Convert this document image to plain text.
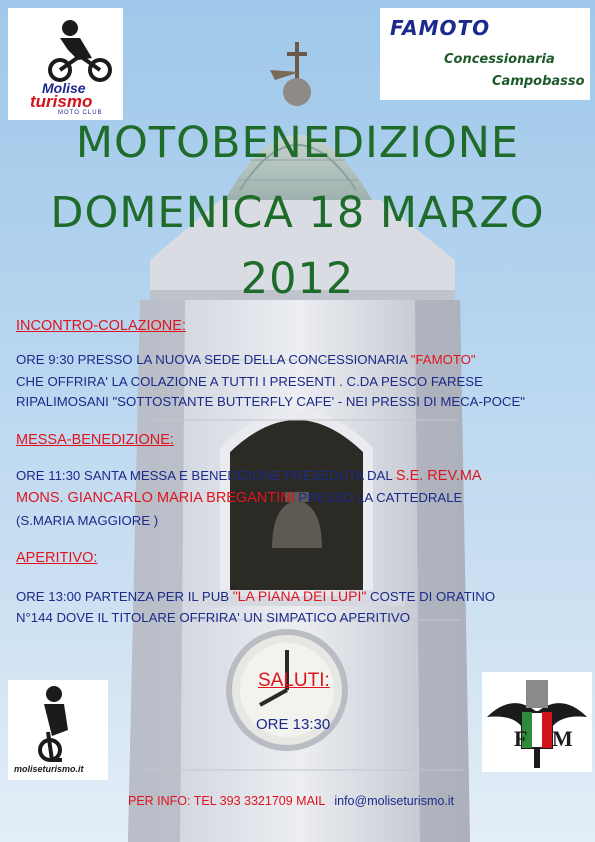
FAMOTO
Concessionaria
Campobasso
Molise
turismo
MOTO CLUB
MOTOBENEDIZIONE
DOMENICA 18 MARZO
2012
INCONTRO-COLAZIONE:
ORE 9:30 PRESSO LA NUOVA SEDE DELLA CONCESSIONARIA "FAMOTO"
CHE OFFRIRA' LA COLAZIONE A TUTTI I PRESENTI . C.DA PESCO FARESE
RIPALIMOSANI "SOTTOSTANTE BUTTERFLY CAFE' - NEI PRESSI DI MECA-POCE"
MESSA-BENEDIZIONE:
ORE 11:30 SANTA MESSA E BENEDIZIONE PRESEDUTA DAL S.E. REV.MA
MONS. GIANCARLO MARIA BREGANTINI PRESSO LA CATTEDRALE
(S.MARIA MAGGIORE )
APERITIVO:
ORE 13:00 PARTENZA PER IL PUB "LA PIANA DEI LUPI" COSTE DI ORATINO
N°144 DOVE IL TITOLARE OFFRIRA' UN SIMPATICO APERITIVO
SALUTI:
ORE 13:30
moliseturismo.it
F M
PER INFO: TEL 393 3321709 MAIL info@moliseturismo.it
